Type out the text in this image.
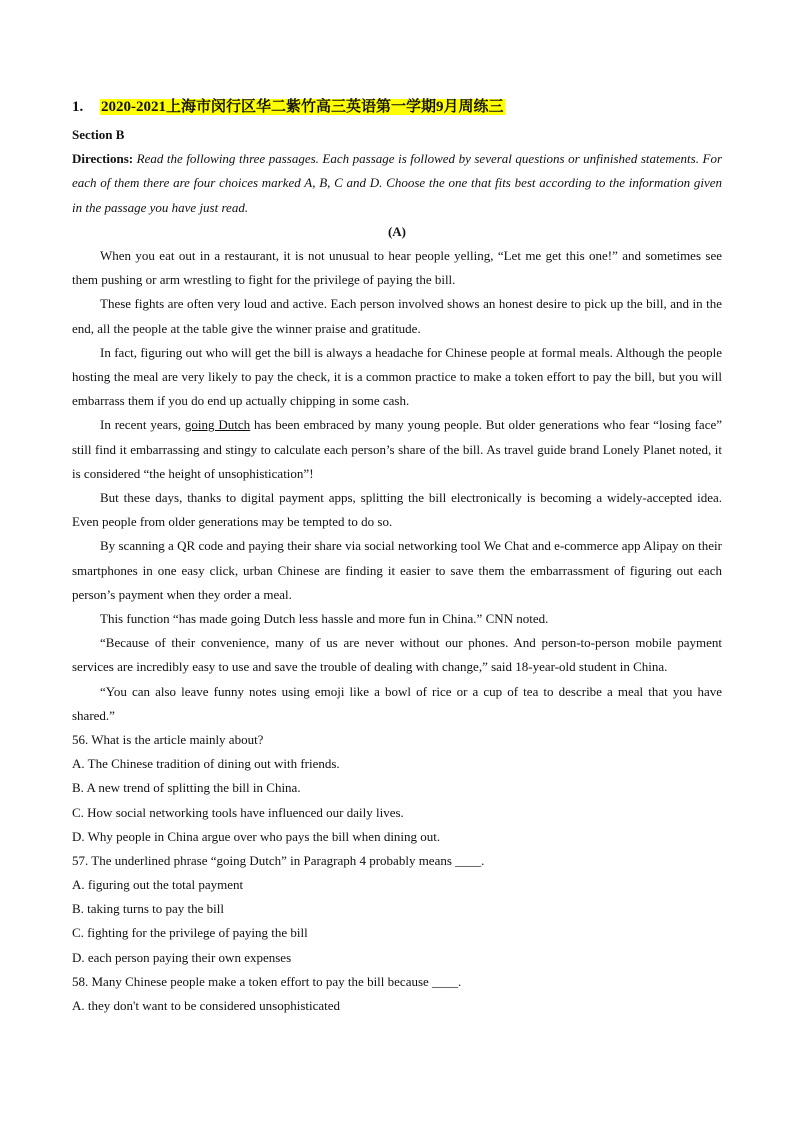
1. 2020-2021上海市闵行区华二紫竹高三英语第一学期9月周练三
Section B
Directions: Read the following three passages. Each passage is followed by several questions or unfinished statements. For each of them there are four choices marked A, B, C and D. Choose the one that fits best according to the information given in the passage you have just read.
(A)

When you eat out in a restaurant, it is not unusual to hear people yelling, “Let me get this one!” and sometimes see them pushing or arm wrestling to fight for the privilege of paying the bill.

These fights are often very loud and active. Each person involved shows an honest desire to pick up the bill, and in the end, all the people at the table give the winner praise and gratitude.

In fact, figuring out who will get the bill is always a headache for Chinese people at formal meals. Although the people hosting the meal are very likely to pay the check, it is a common practice to make a token effort to pay the bill, but you will embarrass them if you do end up actually chipping in some cash.

In recent years, going Dutch has been embraced by many young people. But older generations who fear “losing face” still find it embarrassing and stingy to calculate each person’s share of the bill. As travel guide brand Lonely Planet noted, it is considered “the height of unsophistication”!

But these days, thanks to digital payment apps, splitting the bill electronically is becoming a widely-accepted idea. Even people from older generations may be tempted to do so.

By scanning a QR code and paying their share via social networking tool We Chat and e-commerce app Alipay on their smartphones in one easy click, urban Chinese are finding it easier to save them the embarrassment of figuring out each person’s payment when they order a meal.

This function “has made going Dutch less hassle and more fun in China.” CNN noted.

“Because of their convenience, many of us are never without our phones. And person-to-person mobile payment services are incredibly easy to use and save the trouble of dealing with change,” said 18-year-old student in China.

“You can also leave funny notes using emoji like a bowl of rice or a cup of tea to describe a meal that you have shared.”

56. What is the article mainly about?
A. The Chinese tradition of dining out with friends.
B. A new trend of splitting the bill in China.
C. How social networking tools have influenced our daily lives.
D. Why people in China argue over who pays the bill when dining out.
57. The underlined phrase “going Dutch” in Paragraph 4 probably means ____.
A. figuring out the total payment
B. taking turns to pay the bill
C. fighting for the privilege of paying the bill
D. each person paying their own expenses
58. Many Chinese people make a token effort to pay the bill because ____.
A. they don't want to be considered unsophisticated
